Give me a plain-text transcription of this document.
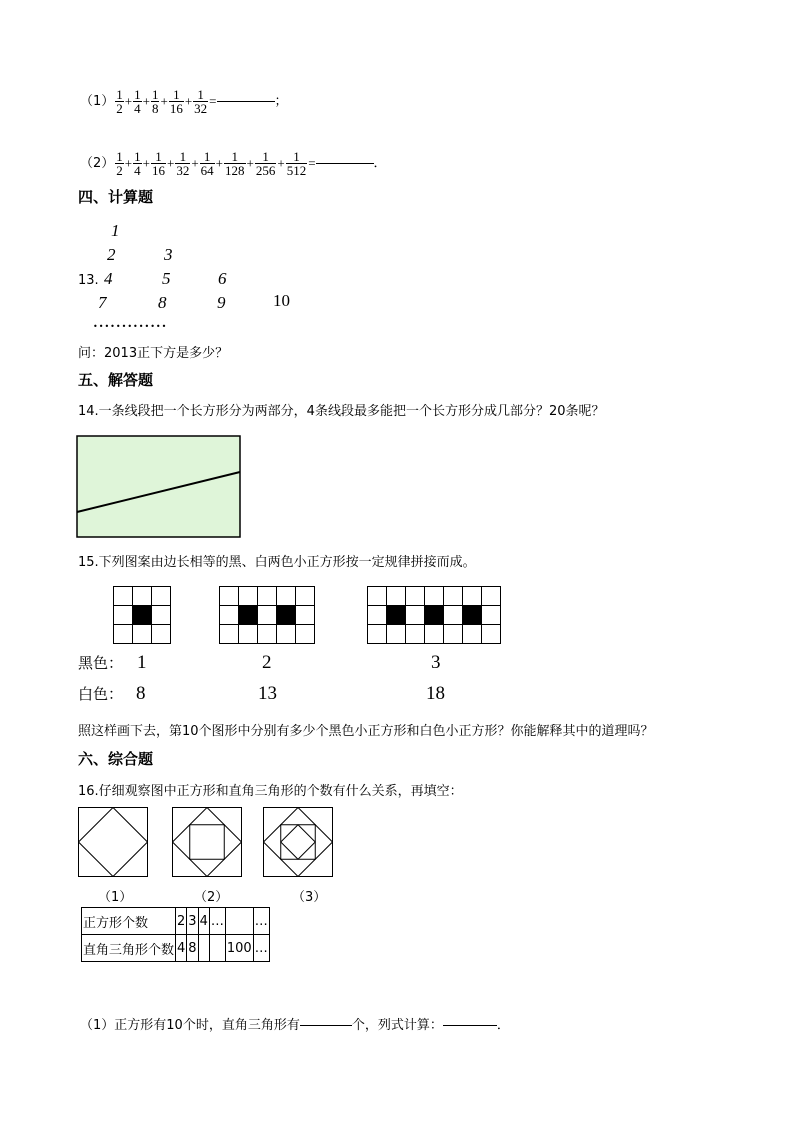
$(1) \frac{1}{2} + \frac{1}{4} + \frac{1}{8} + \frac{1}{16} + \frac{1}{32}$ =	；
$(2) \frac{1}{2} + \frac{1}{4} + \frac{1}{16} + \frac{1}{32} + \frac{1}{64} + \frac{1}{128} + \frac{1}{256} + \frac{1}{512}$ =	．
四、计算题
1
2	3
13. 4	5	6
7	8	9	10
•••••••••••••
问：2013正下方是多少？
五、解答题
14.一条线段把一个长方形分为两部分，4条线段最多能把一个长方形分成几部分？20条呢？
15.下列图案由边长相等的黑、白两色小正方形按一定规律拼接而成。

黑色： 1	2	3
白色： 8	13	18
照这样画下去，第10个图形中分别有多少个黑色小正方形和白色小正方形？你能解释其中的道理吗？
六、综合题
16.仔细观察图中正方形和直角三角形的个数有什么关系，再填空：
（1）	（2）	（3）
正方形个数	2	3	4	…		…
直角三角形个数	4	8			100	…
（1）正方形有10个时，直角三角形有	个，列式计算：	．
